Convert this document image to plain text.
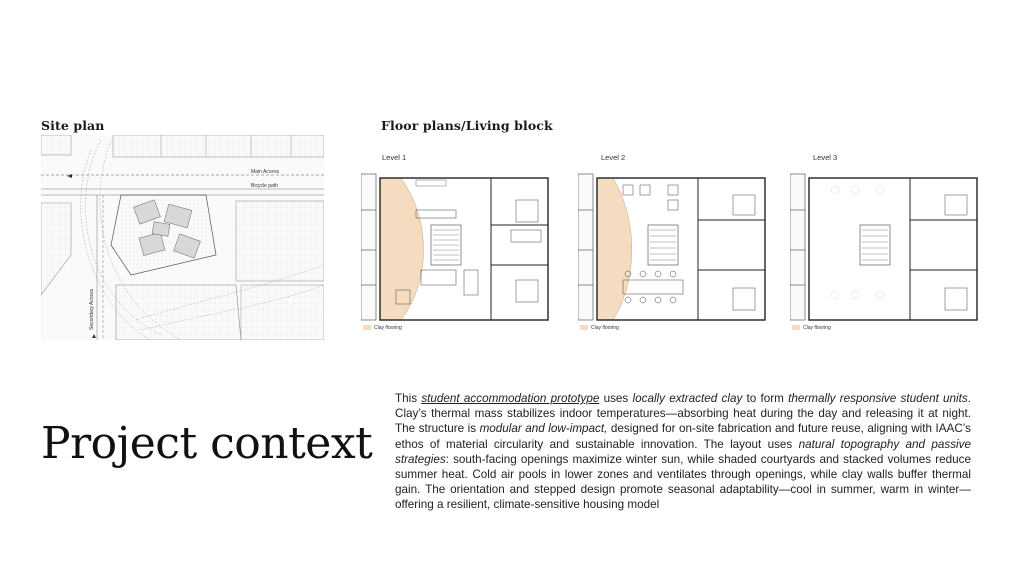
Site plan	Floor plans/Living block
Main Access
Bicycle path
Secondary Access
Level 1	Level 2	Level 3
Clay flooring	Clay flooring	Clay flooring
Project context
This student accommodation prototype uses locally extracted clay to form thermally responsive student units. Clay’s thermal mass stabilizes indoor temperatures—absorbing heat during the day and releasing it at night. The structure is modular and low-impact, designed for on-site fabrication and future reuse, aligning with IAAC’s ethos of material circularity and sustainable innovation. The layout uses natural topography and passive strategies: south-facing openings maximize winter sun, while shaded courtyards and stacked volumes reduce summer heat. Cold air pools in lower zones and ventilates through openings, while clay walls buffer thermal gain. The orientation and stepped design promote seasonal adaptability—cool in summer, warm in winter—offering a resilient, climate-sensitive housing model
